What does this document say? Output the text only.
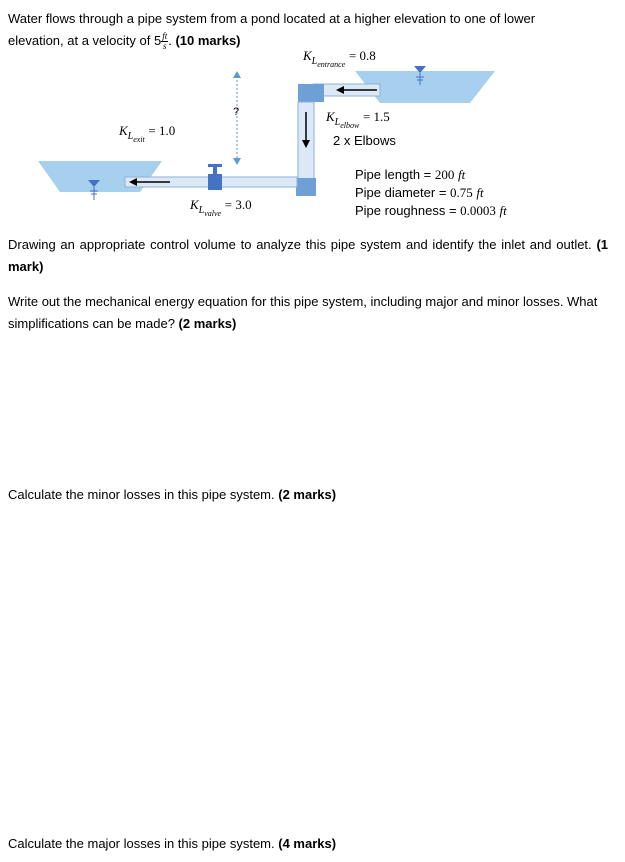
Water flows through a pipe system from a pond located at a higher elevation to one of lower
elevation, at a velocity of $5 \frac{ft}{s}$ . (10 marks)
$K_{L_{entrance}} = 0.8$
$K_{L_{elbow}} = 1.5$
2 x Elbows
?
$K_{L_{exit}} = 1.0$
$K_{L_{valve}} = 3.0$
Pipe length = 200 ft
Pipe diameter = 0.75 ft
Pipe roughness = 0.0003 ft
Drawing an appropriate control volume to analyze this pipe system and identify the inlet and outlet. (1 mark)
Write out the mechanical energy equation for this pipe system, including major and minor losses. What simplifications can be made? (2 marks)
Calculate the minor losses in this pipe system. (2 marks)
Calculate the major losses in this pipe system. (4 marks)
